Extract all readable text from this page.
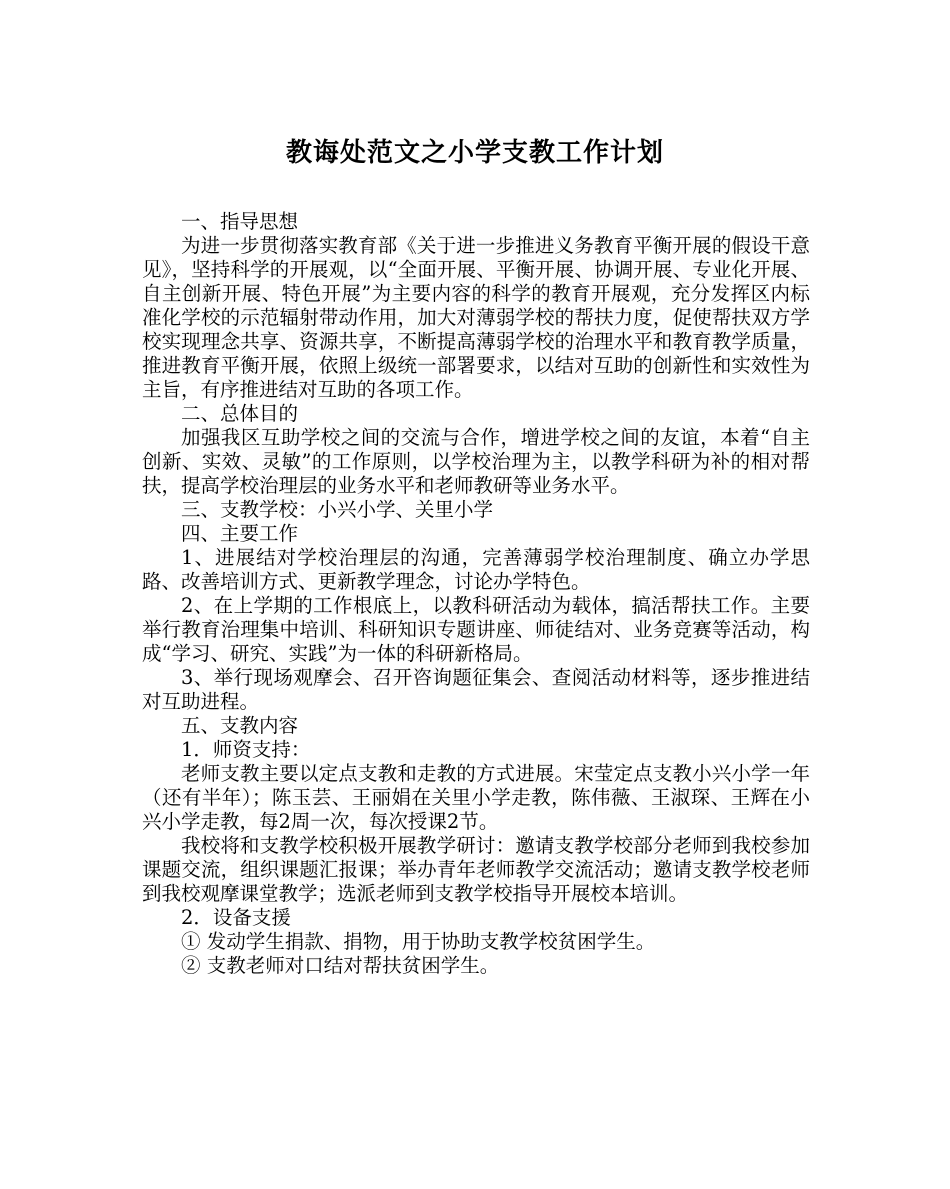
教诲处范文之小学支教工作计划

一、指导思想

为进一步贯彻落实教育部《关于进一步推进义务教育平衡开展的假设干意见》，坚持科学的开展观，以“全面开展、平衡开展、协调开展、专业化开展、自主创新开展、特色开展”为主要内容的科学的教育开展观，充分发挥区内标准化学校的示范辐射带动作用，加大对薄弱学校的帮扶力度，促使帮扶双方学校实现理念共享、资源共享，不断提高薄弱学校的治理水平和教育教学质量，推进教育平衡开展，依照上级统一部署要求，以结对互助的创新性和实效性为主旨，有序推进结对互助的各项工作。

二、总体目的

加强我区互助学校之间的交流与合作，增进学校之间的友谊，本着“自主创新、实效、灵敏”的工作原则，以学校治理为主，以教学科研为补的相对帮扶，提高学校治理层的业务水平和老师教研等业务水平。

三、支教学校：小兴小学、关里小学

四、主要工作

1、进展结对学校治理层的沟通，完善薄弱学校治理制度、确立办学思路、改善培训方式、更新教学理念，讨论办学特色。

2、在上学期的工作根底上，以教科研活动为载体，搞活帮扶工作。主要举行教育治理集中培训、科研知识专题讲座、师徒结对、业务竞赛等活动，构成“学习、研究、实践”为一体的科研新格局。

3、举行现场观摩会、召开咨询题征集会、查阅活动材料等，逐步推进结对互助进程。

五、支教内容

1．师资支持：

老师支教主要以定点支教和走教的方式进展。宋莹定点支教小兴小学一年（还有半年）；陈玉芸、王丽娟在关里小学走教，陈伟薇、王淑琛、王辉在小兴小学走教，每2周一次，每次授课2节。

我校将和支教学校积极开展教学研讨：邀请支教学校部分老师到我校参加课题交流，组织课题汇报课；举办青年老师教学交流活动；邀请支教学校老师到我校观摩课堂教学；选派老师到支教学校指导开展校本培训。

2．设备支援

① 发动学生捐款、捐物，用于协助支教学校贫困学生。

② 支教老师对口结对帮扶贫困学生。
